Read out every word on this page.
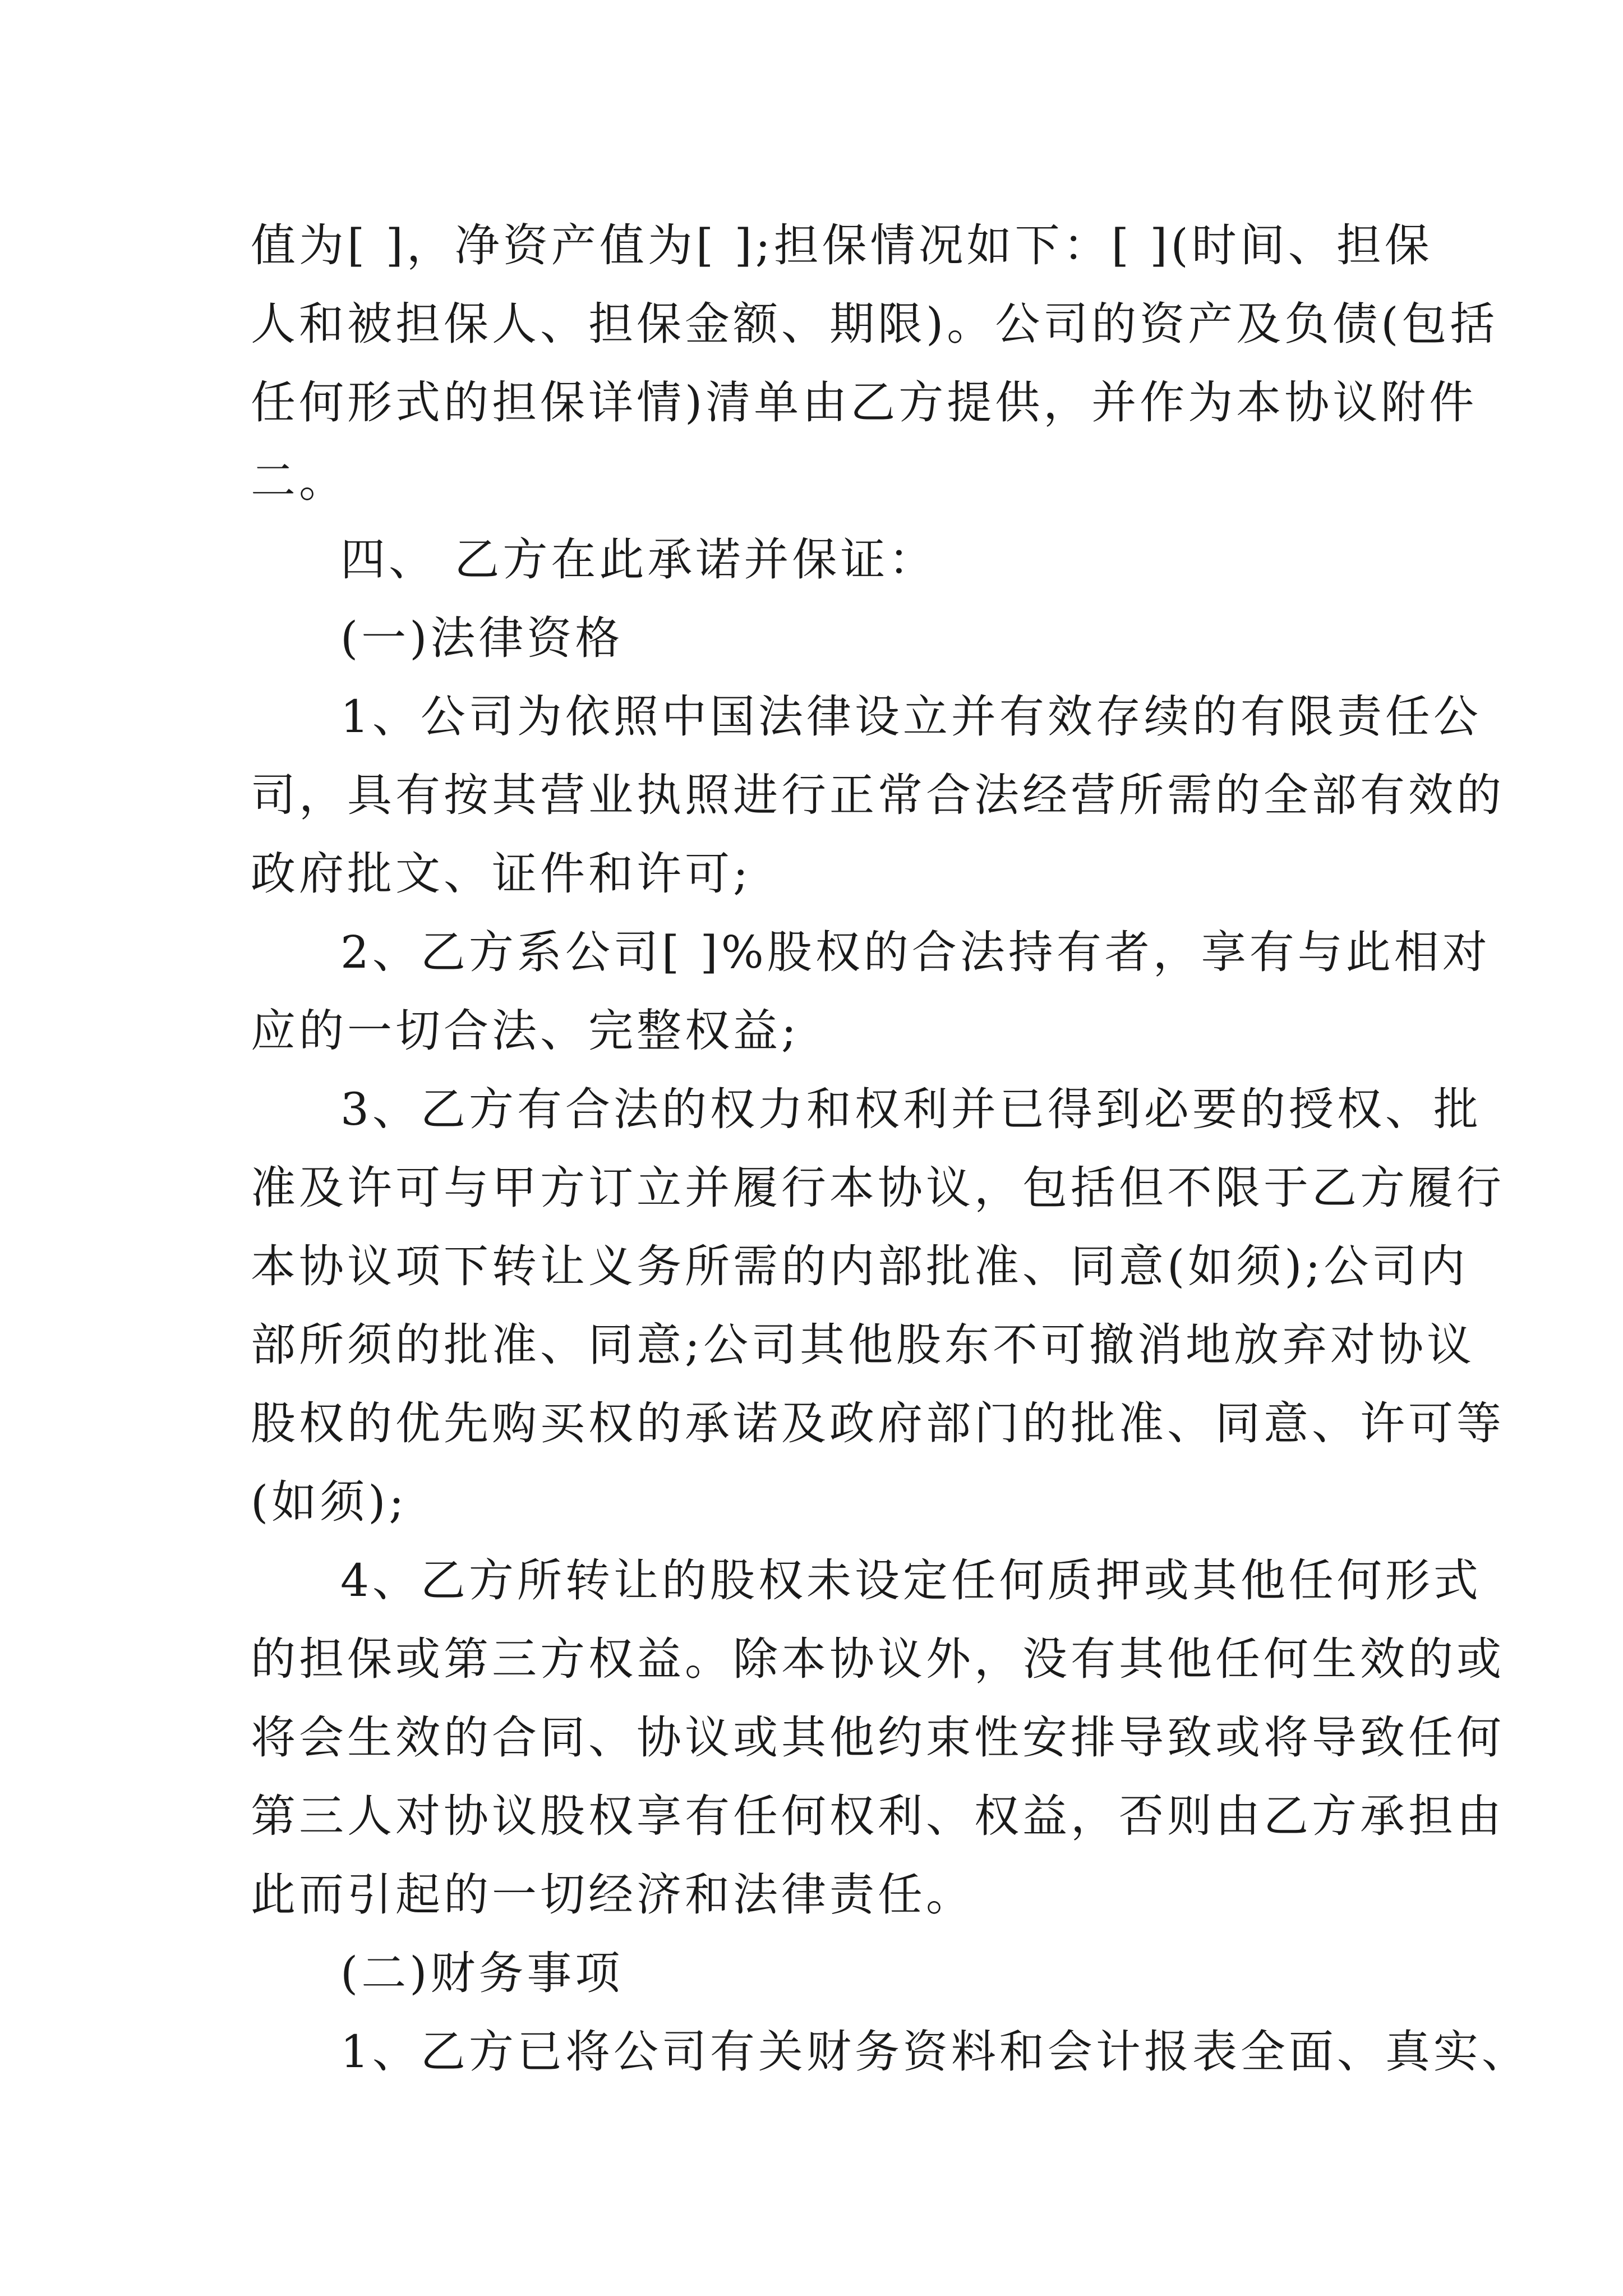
值为[ ]，净资产值为[ ];担保情况如下：[ ](时间、担保
人和被担保人、担保金额、期限)。公司的资产及负债(包括
任何形式的担保详情)清单由乙方提供，并作为本协议附件
二。
四、 乙方在此承诺并保证：
(一)法律资格
1、公司为依照中国法律设立并有效存续的有限责任公
司，具有按其营业执照进行正常合法经营所需的全部有效的
政府批文、证件和许可;
2、乙方系公司[ ]%股权的合法持有者，享有与此相对
应的一切合法、完整权益;
3、乙方有合法的权力和权利并已得到必要的授权、批
准及许可与甲方订立并履行本协议，包括但不限于乙方履行
本协议项下转让义务所需的内部批准、同意(如须);公司内
部所须的批准、同意;公司其他股东不可撤消地放弃对协议
股权的优先购买权的承诺及政府部门的批准、同意、许可等
(如须);
4、乙方所转让的股权未设定任何质押或其他任何形式
的担保或第三方权益。除本协议外，没有其他任何生效的或
将会生效的合同、协议或其他约束性安排导致或将导致任何
第三人对协议股权享有任何权利、权益，否则由乙方承担由
此而引起的一切经济和法律责任。
(二)财务事项
1、乙方已将公司有关财务资料和会计报表全面、真实、
